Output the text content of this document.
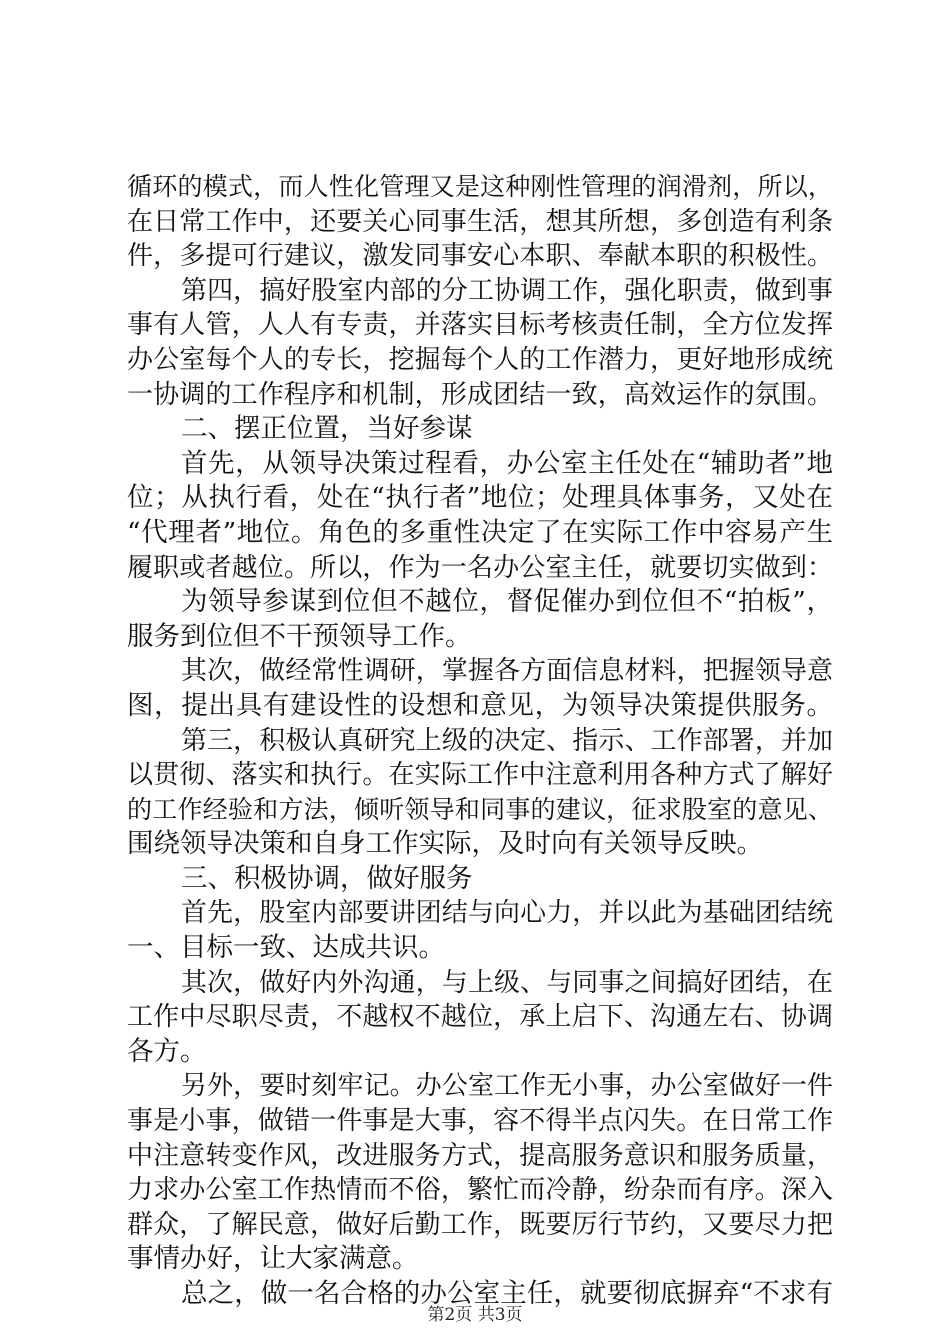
循环的模式，而人性化管理又是这种刚性管理的润滑剂，所以，
在日常工作中，还要关心同事生活，想其所想，多创造有利条
件，多提可行建议，激发同事安心本职、奉献本职的积极性。
第四，搞好股室内部的分工协调工作，强化职责，做到事
事有人管，人人有专责，并落实目标考核责任制，全方位发挥
办公室每个人的专长，挖掘每个人的工作潜力，更好地形成统
一协调的工作程序和机制，形成团结一致，高效运作的氛围。
二、摆正位置，当好参谋
首先，从领导决策过程看，办公室主任处在“辅助者”地
位；从执行看，处在“执行者”地位；处理具体事务，又处在
“代理者”地位。角色的多重性决定了在实际工作中容易产生
履职或者越位。所以，作为一名办公室主任，就要切实做到：
为领导参谋到位但不越位，督促催办到位但不“拍板”，
服务到位但不干预领导工作。
其次，做经常性调研，掌握各方面信息材料，把握领导意
图，提出具有建设性的设想和意见，为领导决策提供服务。
第三，积极认真研究上级的决定、指示、工作部署，并加
以贯彻、落实和执行。在实际工作中注意利用各种方式了解好
的工作经验和方法，倾听领导和同事的建议，征求股室的意见、
围绕领导决策和自身工作实际，及时向有关领导反映。
三、积极协调，做好服务
首先，股室内部要讲团结与向心力，并以此为基础团结统
一、目标一致、达成共识。
其次，做好内外沟通，与上级、与同事之间搞好团结，在
工作中尽职尽责，不越权不越位，承上启下、沟通左右、协调
各方。
另外，要时刻牢记。办公室工作无小事，办公室做好一件
事是小事，做错一件事是大事，容不得半点闪失。在日常工作
中注意转变作风，改进服务方式，提高服务意识和服务质量，
力求办公室工作热情而不俗，繁忙而冷静，纷杂而有序。深入
群众，了解民意，做好后勤工作，既要厉行节约，又要尽力把
事情办好，让大家满意。
总之，做一名合格的办公室主任，就要彻底摒弃“不求有
第2页 共3页
